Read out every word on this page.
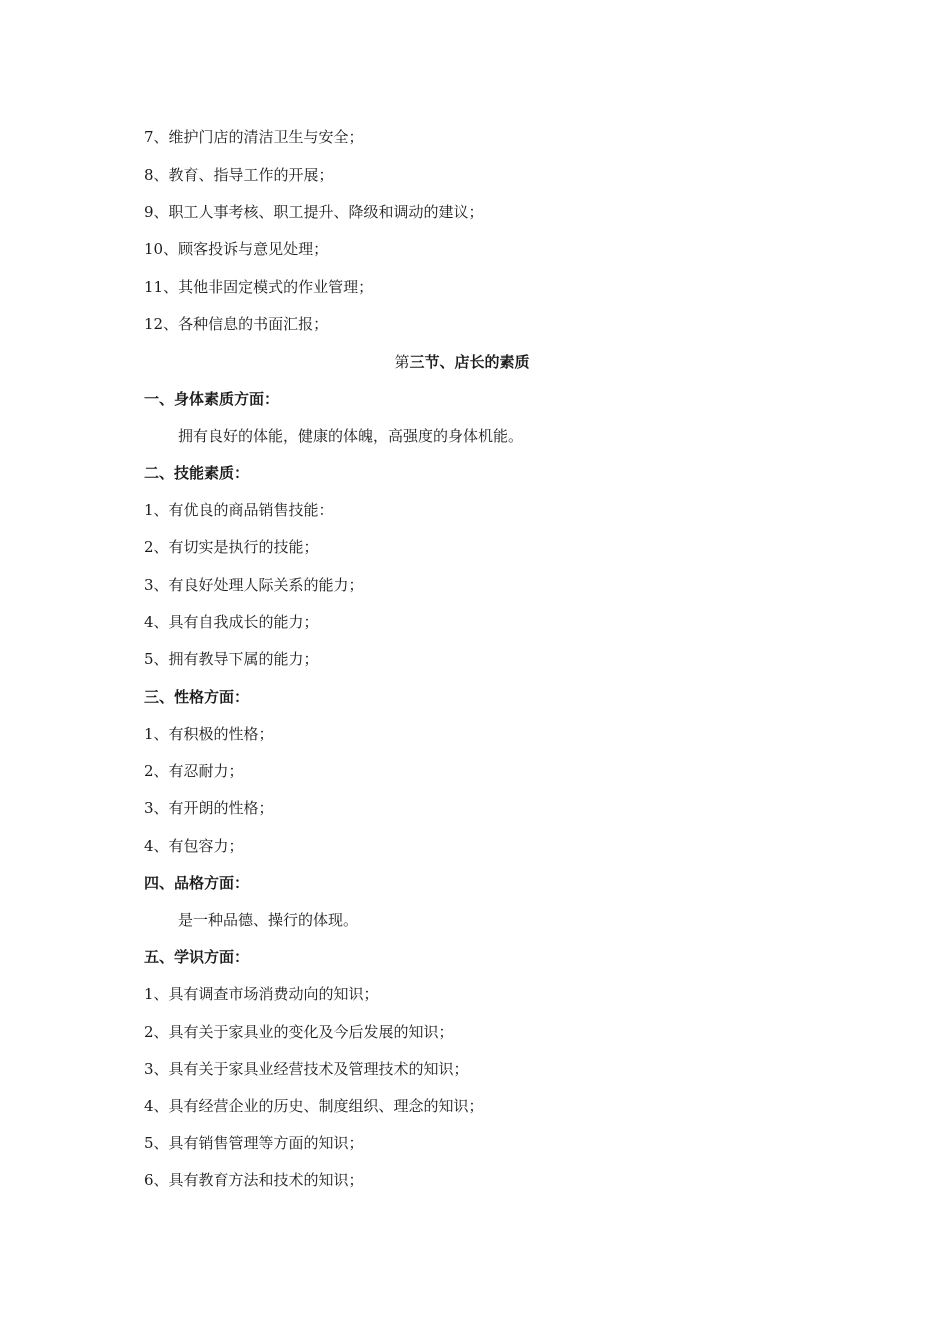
7、维护门店的清洁卫生与安全；
8、教育、指导工作的开展；
9、职工人事考核、职工提升、降级和调动的建议；
10、顾客投诉与意见处理；
11、其他非固定模式的作业管理；
12、各种信息的书面汇报；
第三节、店长的素质
一、身体素质方面：
拥有良好的体能，健康的体魄，高强度的身体机能。
二、技能素质：
1、有优良的商品销售技能：
2、有切实是执行的技能；
3、有良好处理人际关系的能力；
4、具有自我成长的能力；
5、拥有教导下属的能力；
三、性格方面：
1、有积极的性格；
2、有忍耐力；
3、有开朗的性格；
4、有包容力；
四、品格方面：
是一种品德、操行的体现。
五、学识方面：
1、具有调查市场消费动向的知识；
2、具有关于家具业的变化及今后发展的知识；
3、具有关于家具业经营技术及管理技术的知识；
4、具有经营企业的历史、制度组织、理念的知识；
5、具有销售管理等方面的知识；
6、具有教育方法和技术的知识；
